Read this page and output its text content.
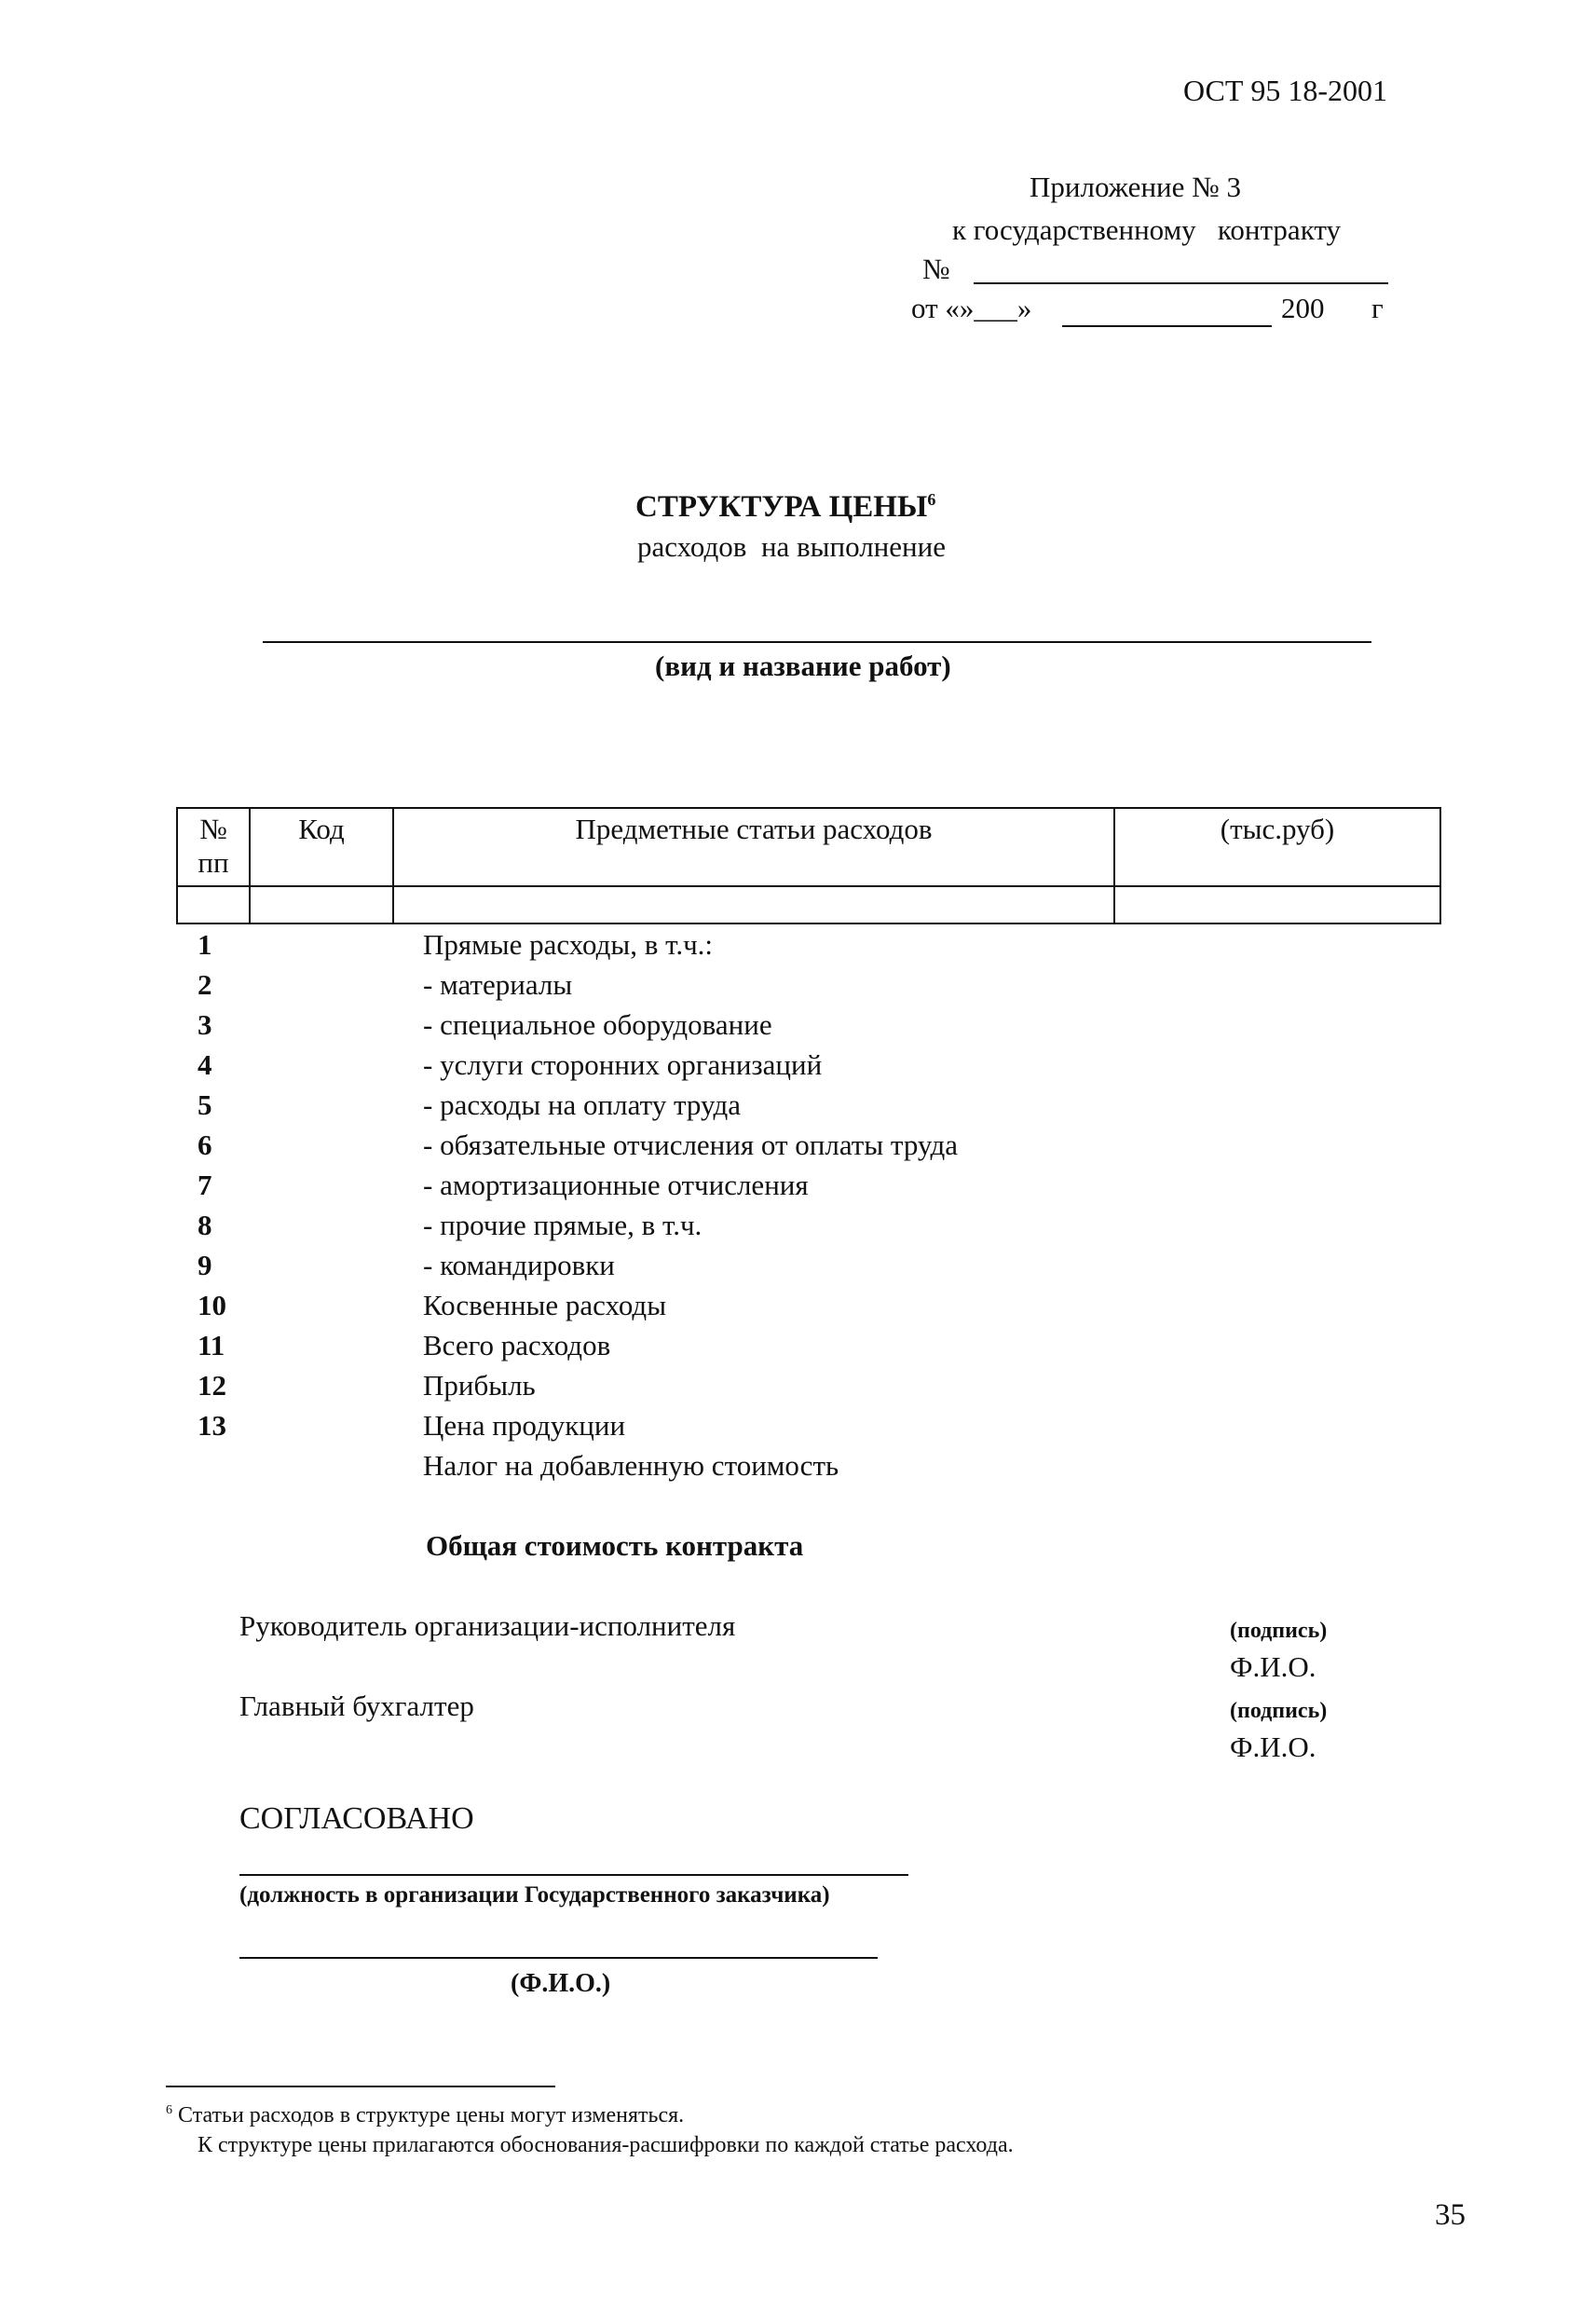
ОСТ 95 18-2001
Приложение № 3
к государственному   контракту
№
от «»___»	200 г
СТРУКТУРА ЦЕНЫ$^6$
расходов  на выполнение
(вид и название работ)
№ пп	Код	Предметные статьи расходов	(тыс.руб)

1	Прямые расходы, в т.ч.:
2	- материалы
3	- специальное оборудование
4	- услуги сторонних организаций
5	- расходы на оплату труда
6	- обязательные отчисления от оплаты труда
7	- амортизационные отчисления
8	- прочие прямые, в т.ч.
9	- командировки
10	Косвенные расходы
11	Всего расходов
12	Прибыль
13	Цена продукции
Налог на добавленную стоимость
Общая стоимость контракта
Руководитель организации-исполнителя	(подпись)
Ф.И.О.
Главный бухгалтер	(подпись)
Ф.И.О.
СОГЛАСОВАНО
(должность в организации Государственного заказчика)
(Ф.И.О.)
$^6$ Статьи расходов в структуре цены могут изменяться.
К структуре цены прилагаются обоснования-расшифровки по каждой статье расхода.
35
